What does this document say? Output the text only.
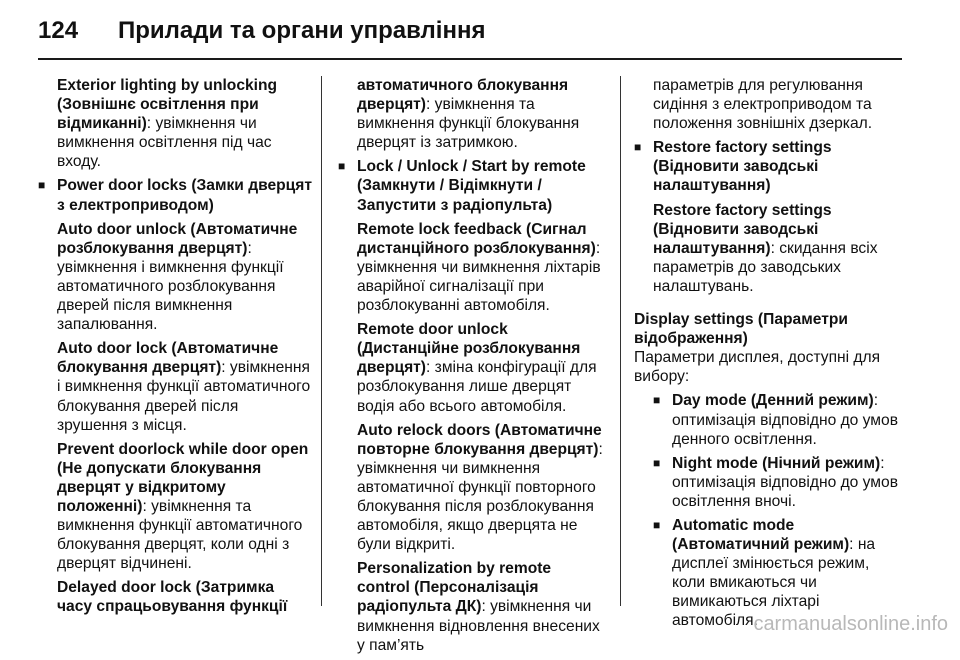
124 Прилади та органи управління

Exterior lighting by unlocking (Зовнішнє освітлення при відмиканні): увімкнення чи вимкнення освітлення під час входу.

■ Power door locks (Замки дверцят з електроприводом)

Auto door unlock (Автоматичне розблокування дверцят): увімкнення і вимкнення функції автоматичного розблокування дверей після вимкнення запалювання.

Auto door lock (Автоматичне блокування дверцят): увімкнення і вимкнення функції автоматичного блокування дверей після зрушення з місця.

Prevent doorlock while door open (Не допускати блокування дверцят у відкритому положенні): увімкнення та вимкнення функції автоматичного блокування дверцят, коли одні з дверцят відчинені.

Delayed door lock (Затримка часу спрацьовування функції

автоматичного блокування дверцят): увімкнення та вимкнення функції блокування дверцят із затримкою.

■ Lock / Unlock / Start by remote (Замкнути / Відімкнути / Запустити з радіопульта)

Remote lock feedback (Сигнал дистанційного розблокування): увімкнення чи вимкнення ліхтарів аварійної сигналізації при розблокуванні автомобіля.

Remote door unlock (Дистанційне розблокування дверцят): зміна конфігурації для розблокування лише дверцят водія або всього автомобіля.

Auto relock doors (Автоматичне повторне блокування дверцят): увімкнення чи вимкнення автоматичної функції повторного блокування після розблокування автомобіля, якщо дверцята не були відкриті.

Personalization by remote control (Персоналізація радіопульта ДК): увімкнення чи вимкнення відновлення внесених у пам’ять

параметрів для регулювання сидіння з електроприводом та положення зовнішніх дзеркал.

■ Restore factory settings (Відновити заводські налаштування)

Restore factory settings (Відновити заводські налаштування): скидання всіх параметрів до заводських налаштувань.

Display settings (Параметри відображення)

Параметри дисплея, доступні для вибору:

■ Day mode (Денний режим): оптимізація відповідно до умов денного освітлення.
■ Night mode (Нічний режим): оптимізація відповідно до умов освітлення вночі.
■ Automatic mode (Автоматичний режим): на дисплеї змінюється режим, коли вмикаються чи вимикаються ліхтарі автомобіля.
carmanualsonline.info
